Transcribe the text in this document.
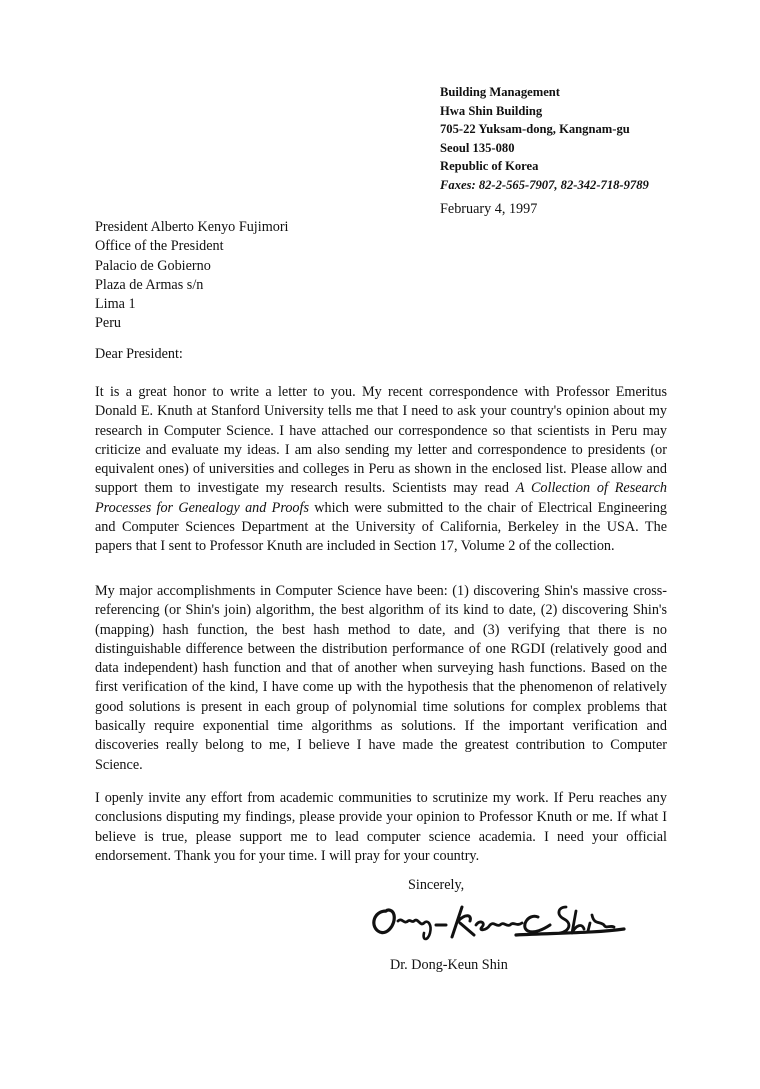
Building Management
Hwa Shin Building
705-22 Yuksam-dong, Kangnam-gu
Seoul 135-080
Republic of Korea
Faxes: 82-2-565-7907, 82-342-718-9789
February 4, 1997
President Alberto Kenyo Fujimori
Office of the President
Palacio de Gobierno
Plaza de Armas s/n
Lima 1
Peru
Dear President:

It is a great honor to write a letter to you. My recent correspondence with Professor Emeritus Donald E. Knuth at Stanford University tells me that I need to ask your country's opinion about my research in Computer Science. I have attached our correspondence so that scientists in Peru may criticize and evaluate my ideas. I am also sending my letter and correspondence to presidents (or equivalent ones) of universities and colleges in Peru as shown in the enclosed list. Please allow and support them to investigate my research results. Scientists may read A Collection of Research Processes for Genealogy and Proofs which were submitted to the chair of Electrical Engineering and Computer Sciences Department at the University of California, Berkeley in the USA. The papers that I sent to Professor Knuth are included in Section 17, Volume 2 of the collection.

My major accomplishments in Computer Science have been: (1) discovering Shin's massive cross-referencing (or Shin's join) algorithm, the best algorithm of its kind to date, (2) discovering Shin's (mapping) hash function, the best hash method to date, and (3) verifying that there is no distinguishable difference between the distribution performance of one RGDI (relatively good and data independent) hash function and that of another when surveying hash functions. Based on the first verification of the kind, I have come up with the hypothesis that the phenomenon of relatively good solutions is present in each group of polynomial time solutions for complex problems that basically require exponential time algorithms as solutions. If the important verification and discoveries really belong to me, I believe I have made the greatest contribution to Computer Science.

I openly invite any effort from academic communities to scrutinize my work. If Peru reaches any conclusions disputing my findings, please provide your opinion to Professor Knuth or me. If what I believe is true, please support me to lead computer science academia. I need your official endorsement. Thank you for your time. I will pray for your country.

Sincerely,
Dr. Dong-Keun Shin
